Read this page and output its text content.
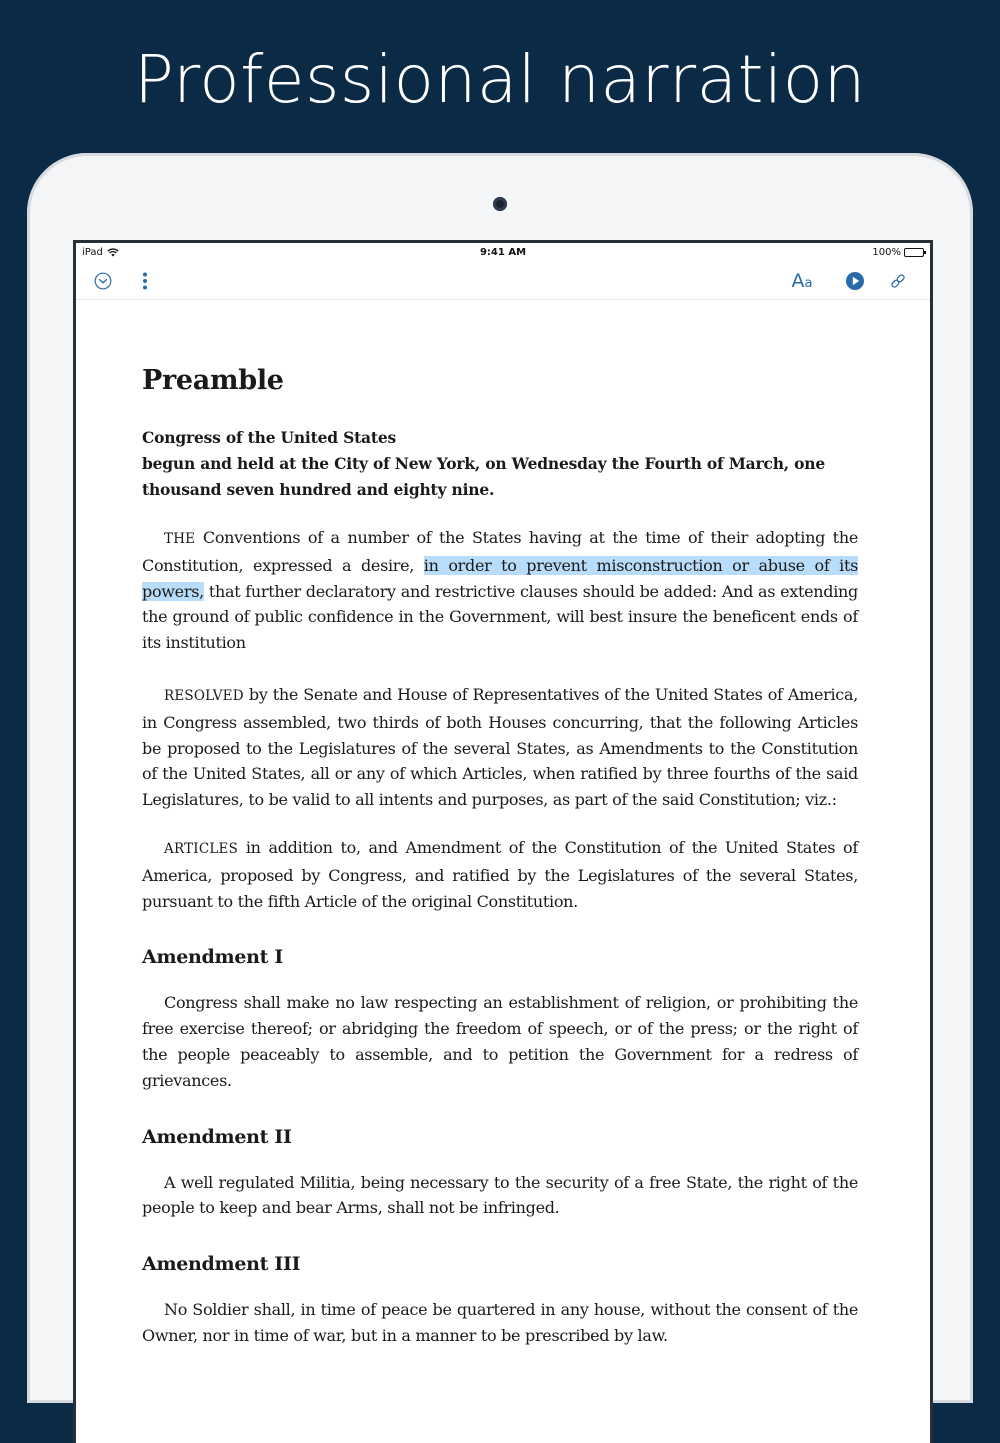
Professional narration
iPad	9:41 AM	100%
A a
Preamble
Congress of the United States
begun and held at the City of New York, on Wednesday the Fourth of March, one thousand seven hundred and eighty nine.

THE Conventions of a number of the States having at the time of their adopting the Constitution, expressed a desire, in order to prevent misconstruction or abuse of its powers, that further declaratory and restrictive clauses should be added: And as extending the ground of public confidence in the Government, will best insure the beneficent ends of its institution

RESOLVED by the Senate and House of Representatives of the United States of America, in Congress assembled, two thirds of both Houses concurring, that the following Articles be proposed to the Legislatures of the several States, as Amendments to the Constitution of the United States, all or any of which Articles, when ratified by three fourths of the said Legislatures, to be valid to all intents and purposes, as part of the said Constitution; viz.:

ARTICLES in addition to, and Amendment of the Constitution of the United States of America, proposed by Congress, and ratified by the Legislatures of the several States, pursuant to the fifth Article of the original Constitution.

Amendment I

Congress shall make no law respecting an establishment of religion, or prohibiting the free exercise thereof; or abridging the freedom of speech, or of the press; or the right of the people peaceably to assemble, and to petition the Government for a redress of grievances.

Amendment II

A well regulated Militia, being necessary to the security of a free State, the right of the people to keep and bear Arms, shall not be infringed.

Amendment III

No Soldier shall, in time of peace be quartered in any house, without the consent of the Owner, nor in time of war, but in a manner to be prescribed by law.
